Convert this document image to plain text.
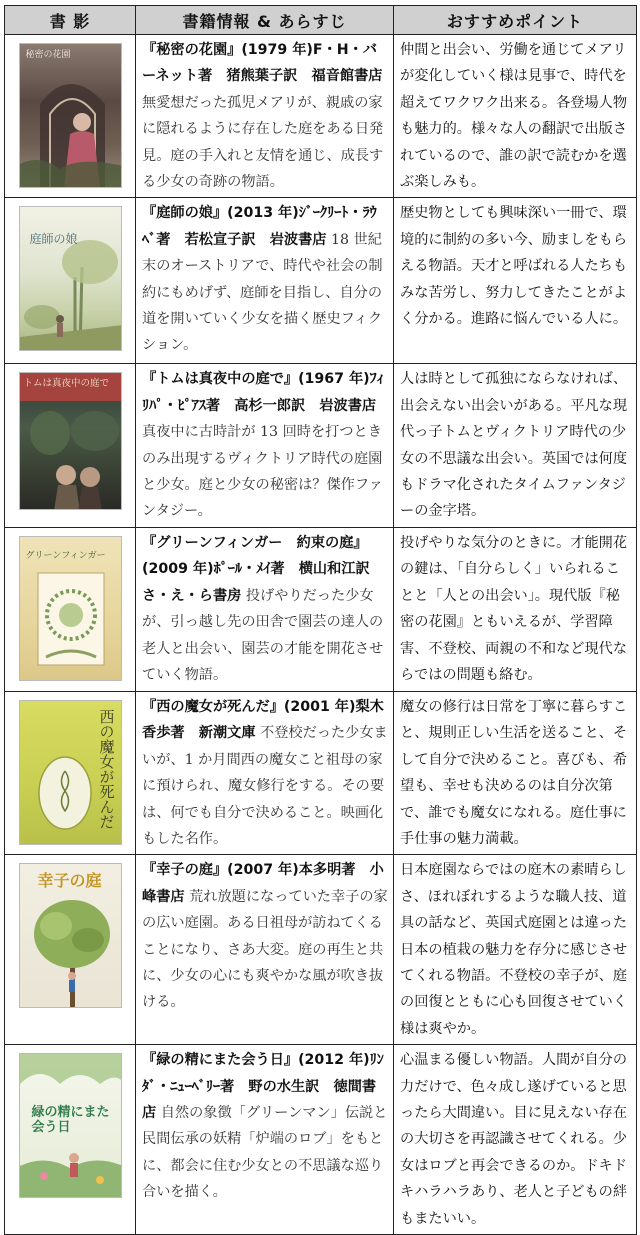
書 影	書籍情報 & あらすじ	おすすめポイント

秘密の花園	『秘密の花園』(1979 年)F・H・バーネット著　猪熊葉子訳　福音館書店 無愛想だった孤児メアリが、親戚の家に隠れるように存在した庭をある日発見。庭の手入れと友情を通じ、成長する少女の奇跡の物語。	仲間と出会い、労働を通じてメアリが変化していく様は見事で、時代を超えてワクワク出来る。各登場人物も魅力的。様々な人の翻訳で出版されているので、誰の訳で読むかを選ぶ楽しみも。

庭師の娘	『庭師の娘』(2013 年)ｼﾞｰｸﾘｰﾄ・ﾗｳﾍﾞ著　若松宣子訳　岩波書店 18 世紀末のオーストリアで、時代や社会の制約にもめげず、庭師を目指し、自分の道を開いていく少女を描く歴史フィクション。	歴史物としても興味深い一冊で、環境的に制約の多い今、励ましをもらえる物語。天才と呼ばれる人たちもみな苦労し、努力してきたことがよく分かる。進路に悩んでいる人に。

トムは真夜中の庭で	『トムは真夜中の庭で』(1967 年)ﾌｨﾘﾊﾟ・ﾋﾟｱｽ著　高杉一郎訳　岩波書店 真夜中に古時計が 13 回時を打つときのみ出現するヴィクトリア時代の庭園と少女。庭と少女の秘密は？傑作ファンタジー。	人は時として孤独にならなければ、出会えない出会いがある。平凡な現代っ子トムとヴィクトリア時代の少女の不思議な出会い。英国では何度もドラマ化されたタイムファンタジーの金字塔。

グリーンフィンガー	『グリーンフィンガー　約束の庭』(2009 年)ﾎﾟｰﾙ・ﾒｲ著　横山和江訳　さ・え・ら書房 投げやりだった少女が、引っ越し先の田舎で園芸の達人の老人と出会い、園芸の才能を開花させていく物語。	投げやりな気分のときに。才能開花の鍵は、「自分らしく」いられることと「人との出会い」。現代版『秘密の花園』ともいえるが、学習障害、不登校、両親の不和など現代ならではの問題も絡む。

西の魔女が死んだ	『西の魔女が死んだ』(2001 年)梨木香歩著　新潮文庫 不登校だった少女まいが、1 か月間西の魔女こと祖母の家に預けられ、魔女修行をする。その要は、何でも自分で決めること。映画化もした名作。	魔女の修行は日常を丁寧に暮らすこと、規則正しい生活を送ること、そして自分で決めること。喜びも、希望も、幸せも決めるのは自分次第で、誰でも魔女になれる。庭仕事に手仕事の魅力満載。

幸子の庭	『幸子の庭』(2007 年)本多明著　小峰書店 荒れ放題になっていた幸子の家の広い庭園。ある日祖母が訪ねてくることになり、さあ大変。庭の再生と共に、少女の心にも爽やかな風が吹き抜ける。	日本庭園ならではの庭木の素晴らしさ、ほれぼれするような職人技、道具の話など、英国式庭園とは違った日本の植栽の魅力を存分に感じさせてくれる物語。不登校の幸子が、庭の回復とともに心も回復させていく様は爽やか。

緑の精にまた会う日	『緑の精にまた会う日』(2012 年)ﾘﾝﾀﾞ・ﾆｭｰﾍﾞﾘｰ著　野の水生訳　徳間書店 自然の象徴「グリーンマン」伝説と民間伝承の妖精「炉端のロブ」をもとに、都会に住む少女との不思議な巡り合いを描く。	心温まる優しい物語。人間が自分の力だけで、色々成し遂げていると思ったら大間違い。目に見えない存在の大切さを再認識させてくれる。少女はロブと再会できるのか。ドキドキハラハラあり、老人と子どもの絆もまたいい。
